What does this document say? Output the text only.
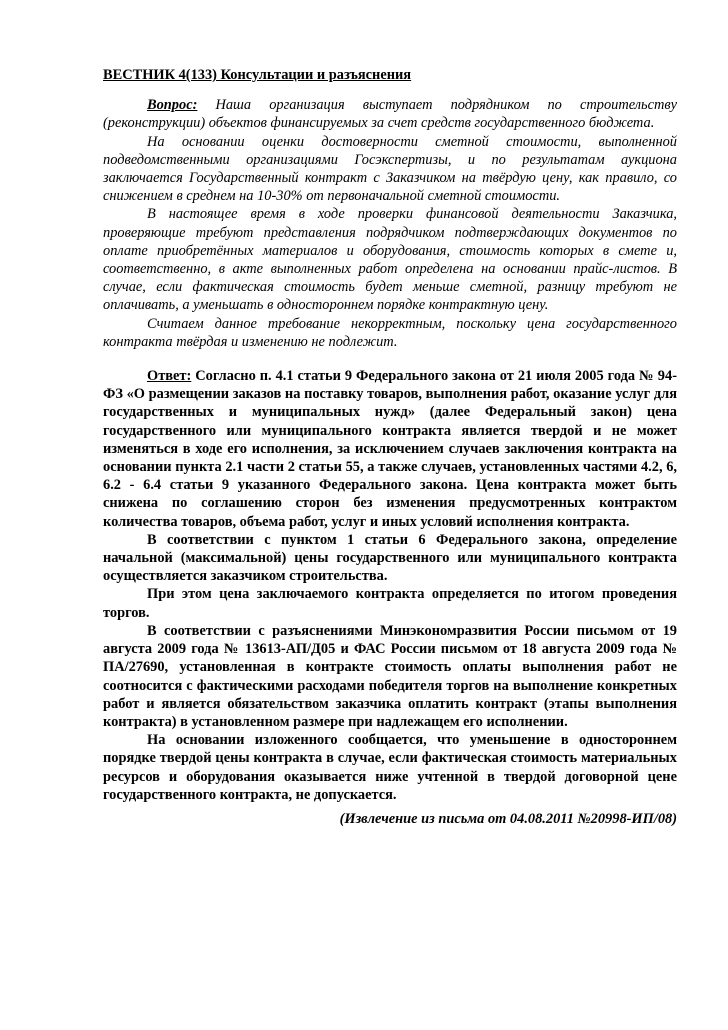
ВЕСТНИК 4(133) Консультации и разъяснения

Вопрос: Наша организация выступает подрядником по строительству (реконструкции) объектов финансируемых за счет средств государственного бюджета.

На основании оценки достоверности сметной стоимости, выполненной подведомственными организациями Госэкспертизы, и по результатам аукциона заключается Государственный контракт с Заказчиком на твёрдую цену, как правило, со снижением в среднем на 10-30% от первоначальной сметной стоимости.

В настоящее время в ходе проверки финансовой деятельности Заказчика, проверяющие требуют представления подрядчиком подтверждающих документов по оплате приобретённых материалов и оборудования, стоимость которых в смете и, соответственно, в акте выполненных работ определена на основании прайс-листов. В случае, если фактическая стоимость будет меньше сметной, разницу требуют не оплачивать, а уменьшать в одностороннем порядке контрактную цену.

Считаем данное требование некорректным, поскольку цена государственного контракта твёрдая и изменению не подлежит.

Ответ: Согласно п. 4.1 статьи 9 Федерального закона от 21 июля 2005 года № 94-ФЗ «О размещении заказов на поставку товаров, выполнения работ, оказание услуг для государственных и муниципальных нужд» (далее Федеральный закон) цена государственного или муниципального контракта является твердой и не может изменяться в ходе его исполнения, за исключением случаев заключения контракта на основании пункта 2.1 части 2 статьи 55, а также случаев, установленных частями 4.2, 6, 6.2 - 6.4 статьи 9 указанного Федерального закона. Цена контракта может быть снижена по соглашению сторон без изменения предусмотренных контрактом количества товаров, объема работ, услуг и иных условий исполнения контракта.

В соответствии с пунктом 1 статьи 6 Федерального закона, определение начальной (максимальной) цены государственного или муниципального контракта осуществляется заказчиком строительства.

При этом цена заключаемого контракта определяется по итогом проведения торгов.

В соответствии с разъяснениями Минэкономразвития России письмом от 19 августа 2009 года № 13613-АП/Д05 и ФАС России письмом от 18 августа 2009 года № ПА/27690, установленная в контракте стоимость оплаты выполнения работ не соотносится с фактическими расходами победителя торгов на выполнение конкретных работ и является обязательством заказчика оплатить контракт (этапы выполнения контракта) в установленном размере при надлежащем его исполнении.

На основании изложенного сообщается, что уменьшение в одностороннем порядке твердой цены контракта в случае, если фактическая стоимость материальных ресурсов и оборудования оказывается ниже учтенной в твердой договорной цене государственного контракта, не допускается.

(Извлечение из письма от 04.08.2011 №20998-ИП/08)
